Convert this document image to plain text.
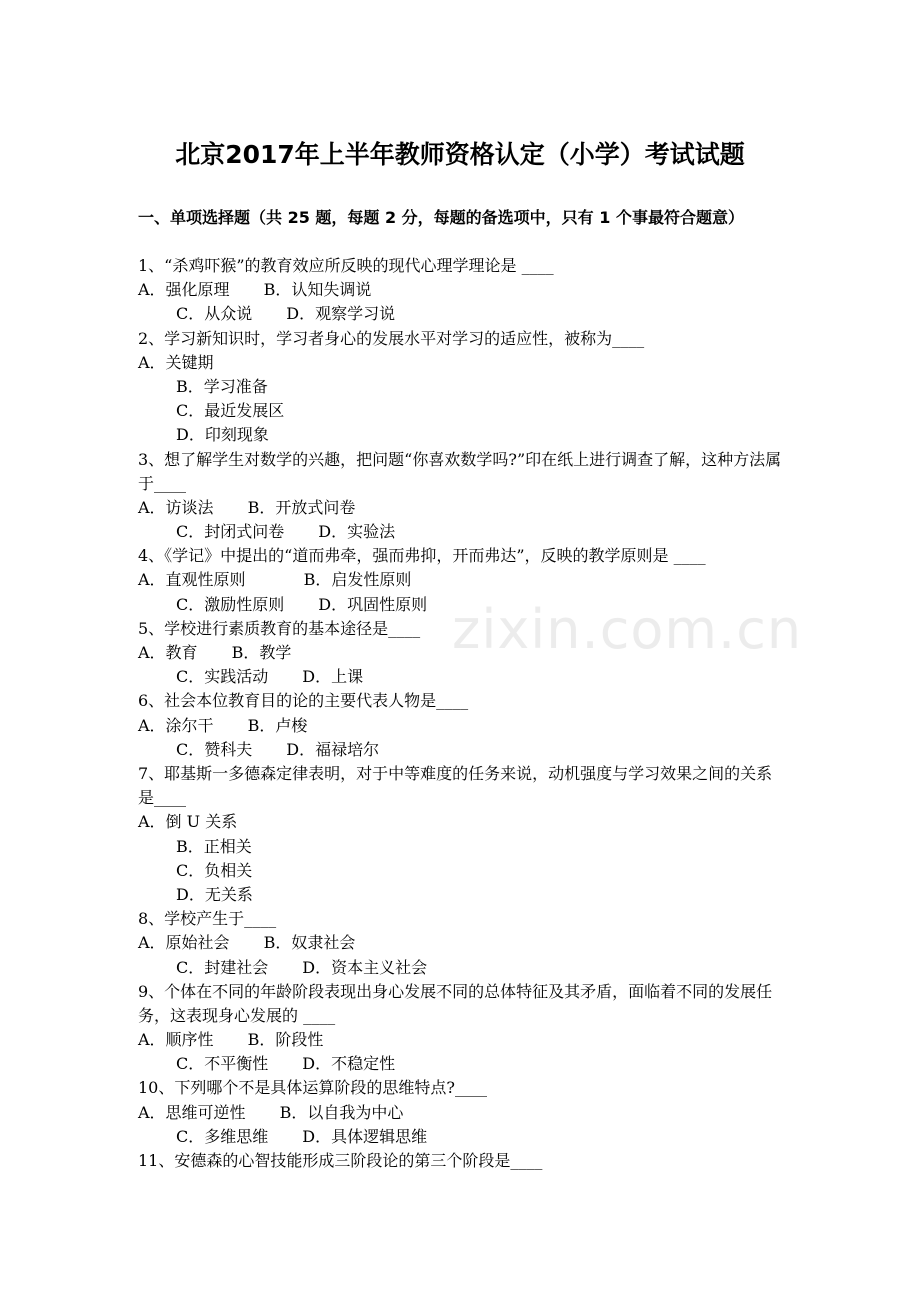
zixin.com.cn
北京2017年上半年教师资格认定（小学）考试试题
一、单项选择题（共 25 题，每题 2 分，每题的备选项中，只有 1 个事最符合题意）
1、“杀鸡吓猴”的教育效应所反映的现代心理学理论是 ____
A．强化原理 B．认知失调说
C．从众说 D．观察学习说
2、学习新知识时，学习者身心的发展水平对学习的适应性，被称为____
A．关键期
B．学习准备
C．最近发展区
D．印刻现象
3、想了解学生对数学的兴趣，把问题“你喜欢数学吗?”印在纸上进行调查了解，这种方法属于____
A．访谈法 B．开放式问卷
C．封闭式问卷 D．实验法
4、《学记》中提出的“道而弗牵，强而弗抑，开而弗达”，反映的教学原则是 ____
A．直观性原则	B．启发性原则
C．激励性原则 D．巩固性原则
5、学校进行素质教育的基本途径是____
A．教育 B．教学
C．实践活动 D．上课
6、社会本位教育目的论的主要代表人物是____
A．涂尔干 B．卢梭
C．赞科夫 D．福禄培尔
7、耶基斯一多德森定律表明，对于中等难度的任务来说，动机强度与学习效果之间的关系是____
A．倒 U 关系
B．正相关
C．负相关
D．无关系
8、学校产生于____
A．原始社会 B．奴隶社会
C．封建社会 D．资本主义社会
9、个体在不同的年龄阶段表现出身心发展不同的总体特征及其矛盾，面临着不同的发展任务，这表现身心发展的 ____
A．顺序性 B．阶段性
C．不平衡性 D．不稳定性
10、下列哪个不是具体运算阶段的思维特点?____
A．思维可逆性 B．以自我为中心
C．多维思维 D．具体逻辑思维
11、安德森的心智技能形成三阶段论的第三个阶段是____
